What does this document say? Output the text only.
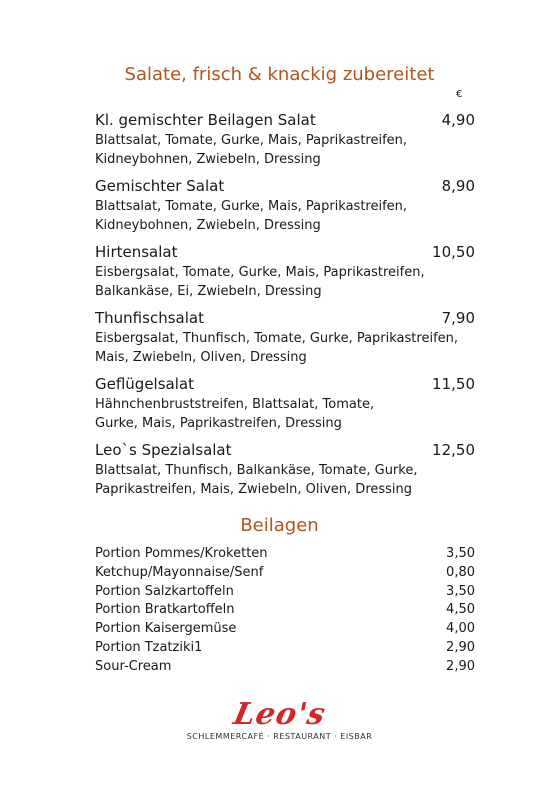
Salate, frisch & knackig zubereitet
€
Kl. gemischter Beilagen Salat	4,90
Blattsalat, Tomate, Gurke, Mais, Paprikastreifen,
Kidneybohnen, Zwiebeln, Dressing
Gemischter Salat	8,90
Blattsalat, Tomate, Gurke, Mais, Paprikastreifen,
Kidneybohnen, Zwiebeln, Dressing
Hirtensalat	10,50
Eisbergsalat, Tomate, Gurke, Mais, Paprikastreifen,
Balkankäse, Ei, Zwiebeln, Dressing
Thunfischsalat	7,90
Eisbergsalat, Thunfisch, Tomate, Gurke, Paprikastreifen,
Mais, Zwiebeln, Oliven, Dressing
Geflügelsalat	11,50
Hähnchenbruststreifen, Blattsalat, Tomate,
Gurke, Mais, Paprikastreifen, Dressing
Leo`s Spezialsalat	12,50
Blattsalat, Thunfisch, Balkankäse, Tomate, Gurke,
Paprikastreifen, Mais, Zwiebeln, Oliven, Dressing
Beilagen
Portion Pommes/Kroketten	3,50
Ketchup/Mayonnaise/Senf	0,80
Portion Salzkartoffeln	3,50
Portion Bratkartoffeln	4,50
Portion Kaisergemüse	4,00
Portion Tzatziki1	2,90
Sour-Cream	2,90
Leo's
SCHLEMMERCAFÉ · RESTAURANT · EISBAR
